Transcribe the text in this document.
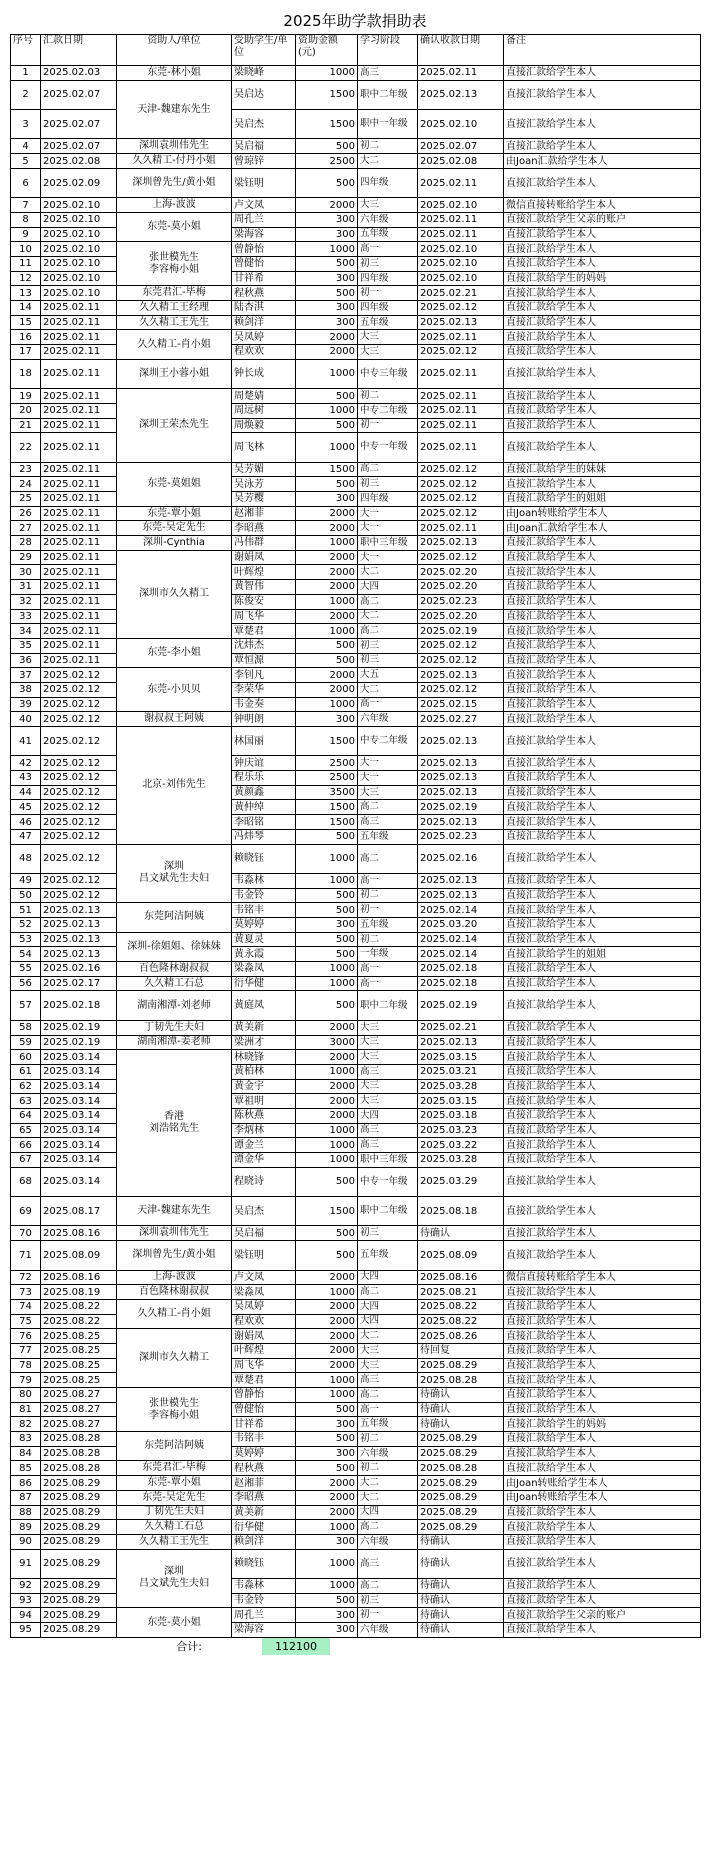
2025年助学款捐助表
序号	汇款日期	资助人/单位	受助学生/单位	资助金额(元)	学习阶段	确认收款日期	备注
1	2025.02.03	东莞-林小姐	梁晓峰	1000	高三	2025.02.11	直接汇款给学生本人
2	2025.02.07	天津-魏建东先生	吴启达	1500	职中二年级	2025.02.13	直接汇款给学生本人
3	2025.02.07		吴启杰	1500	职中一年级	2025.02.10	直接汇款给学生本人
4	2025.02.07	深圳袁圳伟先生	吴启福	500	初二	2025.02.07	直接汇款给学生本人
5	2025.02.08	久久精工-付丹小姐	曾琼锌	2500	大二	2025.02.08	由Joan汇款给学生本人
6	2025.02.09	深圳曾先生/黄小姐	梁钰明	500	四年级	2025.02.11	直接汇款给学生本人
7	2025.02.10	上海-波波	卢文凤	2000	大三	2025.02.10	微信直接转账给学生本人
8	2025.02.10	东莞-莫小姐	周孔兰	300	六年级	2025.02.11	直接汇款给学生父亲的账户
9	2025.02.10		梁海容	300	五年级	2025.02.11	直接汇款给学生本人
10	2025.02.10	张世模先生
李容梅小姐	曾静怡	1000	高一	2025.02.10	直接汇款给学生本人
11	2025.02.10		曾健怡	500	初三	2025.02.10	直接汇款给学生本人
12	2025.02.10		甘祥希	300	四年级	2025.02.10	直接汇款给学生的妈妈
13	2025.02.10	东莞君汇-毕梅	程秋燕	500	初一	2025.02.21	直接汇款给学生本人
14	2025.02.11	久久精工王经理	陆杏淇	300	四年级	2025.02.12	直接汇款给学生本人
15	2025.02.11	久久精工王先生	赖剑洋	300	五年级	2025.02.13	直接汇款给学生本人
16	2025.02.11	久久精工-肖小姐	吴凤婷	2000	大三	2025.02.11	直接汇款给学生本人
17	2025.02.11		程欢欢	2000	大三	2025.02.12	直接汇款给学生本人
18	2025.02.11	深圳王小蓉小姐	钟长成	1000	中专三年级	2025.02.11	直接汇款给学生本人
19	2025.02.11	深圳王荣杰先生	周楚婧	500	初二	2025.02.11	直接汇款给学生本人
20	2025.02.11		周远树	1000	中专二年级	2025.02.11	直接汇款给学生本人
21	2025.02.11		周焕毅	500	初一	2025.02.11	直接汇款给学生本人
22	2025.02.11		周飞林	1000	中专一年级	2025.02.11	直接汇款给学生本人
23	2025.02.11	东莞-莫姐姐	吴芳媚	1500	高二	2025.02.12	直接汇款给学生的妹妹
24	2025.02.11		吴泳芳	500	初三	2025.02.12	直接汇款给学生本人
25	2025.02.11		吴芳樱	300	四年级	2025.02.12	直接汇款给学生的姐姐
26	2025.02.11	东莞-覃小姐	赵湘菲	2000	大一	2025.02.12	由Joan转账给学生本人
27	2025.02.11	东莞-吴定先生	李昭燕	2000	大一	2025.02.11	由Joan汇款给学生本人
28	2025.02.11	深圳-Cynthia	冯伟群	1000	职中三年级	2025.02.13	直接汇款给学生本人
29	2025.02.11	深圳市久久精工	谢娟凤	2000	大一	2025.02.12	直接汇款给学生本人
30	2025.02.11		叶辉煌	2000	大二	2025.02.20	直接汇款给学生本人
31	2025.02.11		黄智伟	2000	大四	2025.02.20	直接汇款给学生本人
32	2025.02.11		陈俊安	1000	高二	2025.02.23	直接汇款给学生本人
33	2025.02.11		周飞华	2000	大二	2025.02.20	直接汇款给学生本人
34	2025.02.11		覃楚君	1000	高二	2025.02.19	直接汇款给学生本人
35	2025.02.11	东莞-李小姐	沈炜杰	500	初三	2025.02.12	直接汇款给学生本人
36	2025.02.11		覃恒源	500	初三	2025.02.12	直接汇款给学生本人
37	2025.02.12	东莞-小贝贝	李钊凡	2000	大五	2025.02.13	直接汇款给学生本人
38	2025.02.12		李荣华	2000	大二	2025.02.12	直接汇款给学生本人
39	2025.02.12		韦金奏	1000	高一	2025.02.15	直接汇款给学生本人
40	2025.02.12	谢叔叔王阿姨	钟明朗	300	六年级	2025.02.27	直接汇款给学生本人
41	2025.02.12	北京-刘伟先生	林国丽	1500	中专二年级	2025.02.13	直接汇款给学生本人
42	2025.02.12		钟庆谊	2500	大一	2025.02.13	直接汇款给学生本人
43	2025.02.12		程乐乐	2500	大一	2025.02.13	直接汇款给学生本人
44	2025.02.12		黄颜鑫	3500	大三	2025.02.13	直接汇款给学生本人
45	2025.02.12		黄仲绰	1500	高二	2025.02.19	直接汇款给学生本人
46	2025.02.12		李昭铭	1500	高三	2025.02.13	直接汇款给学生本人
47	2025.02.12		冯炜琴	500	五年级	2025.02.23	直接汇款给学生本人
48	2025.02.12	深圳
吕文斌先生夫妇	赖晓钰	1000	高二	2025.02.16	直接汇款给学生本人
49	2025.02.12		韦淼林	1000	高一	2025.02.13	直接汇款给学生本人
50	2025.02.12		韦金铃	500	初二	2025.02.13	直接汇款给学生本人
51	2025.02.13	东莞阿洁阿姨	韦铭丰	500	初一	2025.02.14	直接汇款给学生本人
52	2025.02.13		莫婷婷	300	五年级	2025.03.20	直接汇款给学生本人
53	2025.02.13	深圳-徐姐姐、徐妹妹	黄夏灵	500	初二	2025.02.14	直接汇款给学生本人
54	2025.02.13		黄永霞	500	一年级	2025.02.14	直接汇款给学生的姐姐
55	2025.02.16	百色隆林谢叔叔	梁淼凤	1000	高一	2025.02.18	直接汇款给学生本人
56	2025.02.17	久久精工石总	衍华健	1000	高一	2025.02.18	直接汇款给学生本人
57	2025.02.18	湖南湘潭-刘老师	黄庭凤	500	职中二年级	2025.02.19	直接汇款给学生本人
58	2025.02.19	丁韧先生夫妇	黄美新	2000	大三	2025.02.21	直接汇款给学生本人
59	2025.02.19	湖南湘潭-姜老师	梁洲才	3000	大三	2025.02.13	直接汇款给学生本人
60	2025.03.14	香港
刘浩铭先生	林晓锋	2000	大三	2025.03.15	直接汇款给学生本人
61	2025.03.14		黄柏林	1000	高三	2025.03.21	直接汇款给学生本人
62	2025.03.14		黄金宇	2000	大三	2025.03.28	直接汇款给学生本人
63	2025.03.14		覃祖明	2000	大三	2025.03.15	直接汇款给学生本人
64	2025.03.14		陈秋燕	2000	大四	2025.03.18	直接汇款给学生本人
65	2025.03.14		李炳林	1000	高三	2025.03.23	直接汇款给学生本人
66	2025.03.14		谭金兰	1000	高三	2025.03.22	直接汇款给学生本人
67	2025.03.14		谭金华	1000	职中三年级	2025.03.28	直接汇款给学生本人
68	2025.03.14		程晓诗	500	中专一年级	2025.03.29	直接汇款给学生本人
69	2025.08.17	天津-魏建东先生	吴启杰	1500	职中二年级	2025.08.18	直接汇款给学生本人
70	2025.08.16	深圳袁圳伟先生	吴启福	500	初三	待确认	直接汇款给学生本人
71	2025.08.09	深圳曾先生/黄小姐	梁钰明	500	五年级	2025.08.09	直接汇款给学生本人
72	2025.08.16	上海-波波	卢文凤	2000	大四	2025.08.16	微信直接转账给学生本人
73	2025.08.19	百色隆林谢叔叔	梁淼凤	1000	高二	2025.08.21	直接汇款给学生本人
74	2025.08.22	久久精工-肖小姐	吴凤婷	2000	大四	2025.08.22	直接汇款给学生本人
75	2025.08.22		程欢欢	2000	大四	2025.08.22	直接汇款给学生本人
76	2025.08.25	深圳市久久精工	谢娟凤	2000	大二	2025.08.26	直接汇款给学生本人
77	2025.08.25		叶辉煌	2000	大三	待回复	直接汇款给学生本人
78	2025.08.25		周飞华	2000	大三	2025.08.29	直接汇款给学生本人
79	2025.08.25		覃楚君	1000	高三	2025.08.28	直接汇款给学生本人
80	2025.08.27	张世模先生
李容梅小姐	曾静怡	1000	高二	待确认	直接汇款给学生本人
81	2025.08.27		曾健怡	500	高一	待确认	直接汇款给学生本人
82	2025.08.27		甘祥希	300	五年级	待确认	直接汇款给学生的妈妈
83	2025.08.28	东莞阿洁阿姨	韦铭丰	500	初二	2025.08.29	直接汇款给学生本人
84	2025.08.28		莫婷婷	300	六年级	2025.08.29	直接汇款给学生本人
85	2025.08.28	东莞君汇-毕梅	程秋燕	500	初二	2025.08.28	直接汇款给学生本人
86	2025.08.29	东莞-覃小姐	赵湘菲	2000	大二	2025.08.29	由Joan转账给学生本人
87	2025.08.29	东莞-吴定先生	李昭燕	2000	大二	2025.08.29	由Joan转账给学生本人
88	2025.08.29	丁韧先生夫妇	黄美新	2000	大四	2025.08.29	直接汇款给学生本人
89	2025.08.29	久久精工石总	衍华健	1000	高二	2025.08.29	直接汇款给学生本人
90	2025.08.29	久久精工王先生	赖剑洋	300	六年级	待确认	直接汇款给学生本人
91	2025.08.29	深圳
吕文斌先生夫妇	赖晓钰	1000	高三	待确认	直接汇款给学生本人
92	2025.08.29		韦淼林	1000	高二	待确认	直接汇款给学生本人
93	2025.08.29		韦金铃	500	初三	待确认	直接汇款给学生本人
94	2025.08.29	东莞-莫小姐	周孔兰	300	初一	待确认	直接汇款给学生父亲的账户
95	2025.08.29		梁海容	300	六年级	待确认	直接汇款给学生本人
合计:	112100
